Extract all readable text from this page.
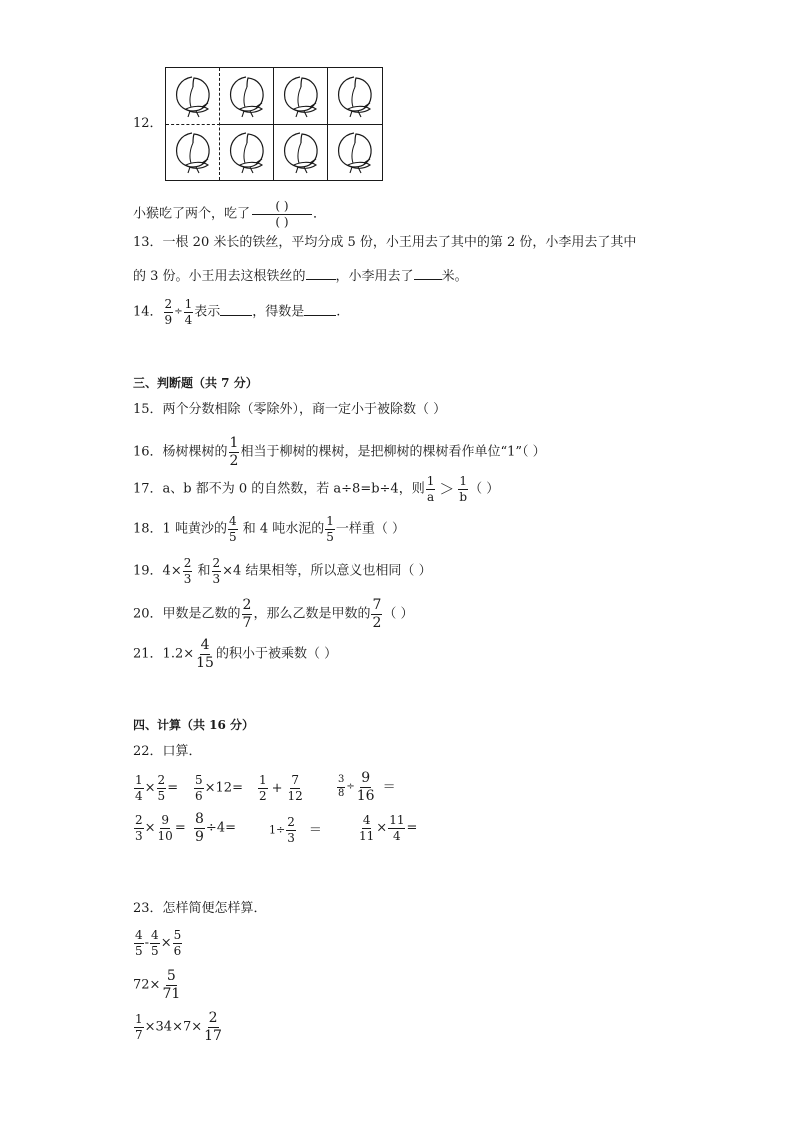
12．
小猴吃了两个，吃了 $\frac{( )}{( )}$ ．
13．一根 20 米长的铁丝，平均分成 5 份，小王用去了其中的第 2 份，小李用去了其中
的 3 份。小王用去这根铁丝的 ，小李用去了 米。
14． $\frac{2}{9} \div \frac{1}{4}$ 表示 ，得数是 .
三、判断题（共 7 分）
15．两个分数相除（零除外），商一定小于被除数（ ）
16．杨树棵树的 $\frac{1}{2}$ 相当于柳树的棵树，是把柳树的棵树看作单位“1”（ ）
17．a、b 都不为 0 的自然数，若 a÷8=b÷4，则 $\frac{1}{a} > \frac{1}{b}$ （ ）
18．1 吨黄沙的 $\frac{4}{5}$ 和 4 吨水泥的 $\frac{1}{5}$ 一样重（ ）
19．$4\times \frac{2}{3}$ 和 $\frac{2}{3} \times 4$ 结果相等，所以意义也相同（ ）
20．甲数是乙数的 $\frac{2}{7}$ ，那么乙数是甲数的 $\frac{7}{2}$ （ ）
21．$1.2\times \frac{4}{15}$ 的积小于被乘数（ ）
四、计算（共 16 分）
22．口算．
$\frac{1}{4} \times \frac{2}{5} = \frac{5}{6} \times 12= \frac{1}{2} + \frac{7}{12}$	$\frac{3}{8} \div \frac{9}{16}$ ＝
$\frac{2}{3} \times \frac{9}{10} = \frac{8}{9} \div 4=$	$1\div \frac{2}{3}$ ＝	$\frac{4}{11} \times \frac{11}{4}$ =
23．怎样简便怎样算．
$\frac{4}{5} - \frac{4}{5} \times \frac{5}{6}$
$72\times \frac{5}{71}$
$\frac{1}{7} \times 34\times 7\times \frac{2}{17}$
